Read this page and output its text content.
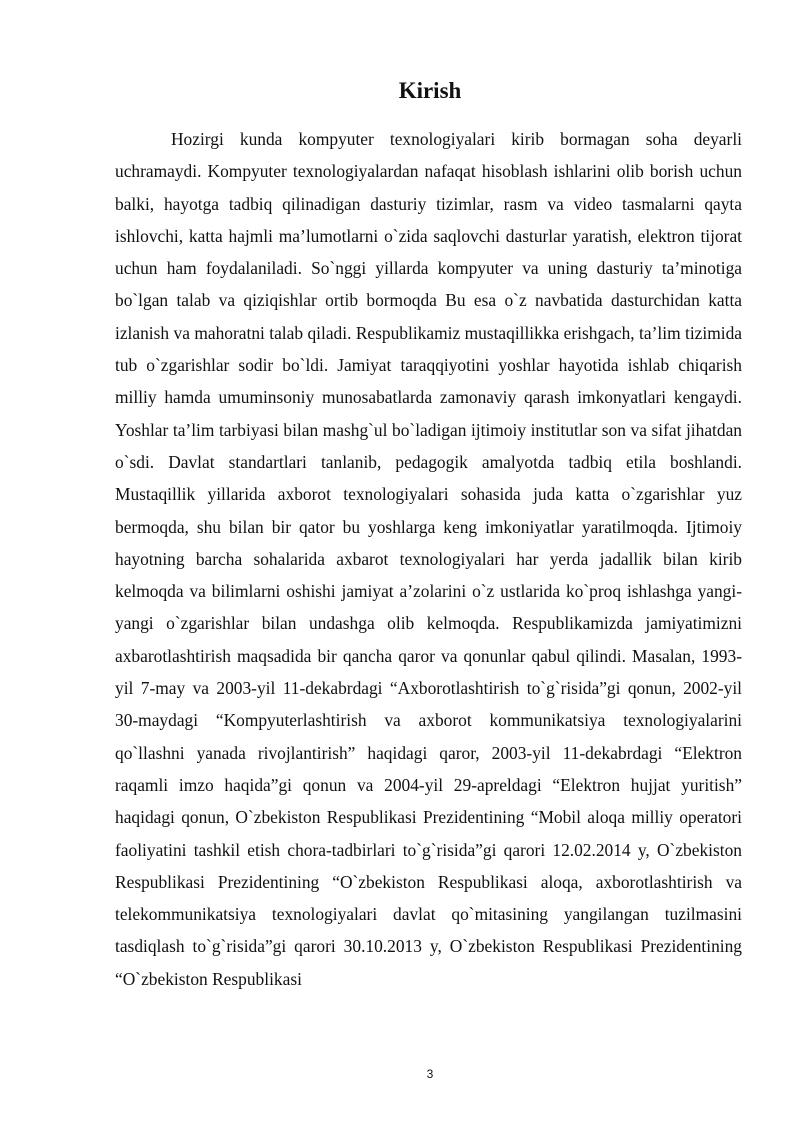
Kirish

Hozirgi kunda kompyuter texnologiyalari kirib bormagan soha deyarli uchramaydi. Kompyuter texnologiyalardan nafaqat hisoblash ishlarini olib borish uchun balki, hayotga tadbiq qilinadigan dasturiy tizimlar, rasm va video tasmalarni qayta ishlovchi, katta hajmli ma’lumotlarni o`zida saqlovchi dasturlar yaratish, elektron tijorat uchun ham foydalaniladi. So`nggi yillarda kompyuter va uning dasturiy ta’minotiga bo`lgan talab va qiziqishlar ortib bormoqda Bu esa o`z navbatida dasturchidan katta izlanish va mahoratni talab qiladi. Respublikamiz mustaqillikka erishgach, ta’lim tizimida tub o`zgarishlar sodir bo`ldi. Jamiyat taraqqiyotini yoshlar hayotida ishlab chiqarish milliy hamda umuminsoniy munosabatlarda zamonaviy qarash imkonyatlari kengaydi. Yoshlar ta’lim tarbiyasi bilan mashg`ul bo`ladigan ijtimoiy institutlar son va sifat jihatdan o`sdi. Davlat standartlari tanlanib, pedagogik amalyotda tadbiq etila boshlandi. Mustaqillik yillarida axborot texnologiyalari sohasida juda katta o`zgarishlar yuz bermoqda, shu bilan bir qator bu yoshlarga keng imkoniyatlar yaratilmoqda. Ijtimoiy hayotning barcha sohalarida axbarot texnologiyalari har yerda jadallik bilan kirib kelmoqda va bilimlarni oshishi jamiyat a’zolarini o`z ustlarida ko`proq ishlashga yangi-yangi o`zgarishlar bilan undashga olib kelmoqda. Respublikamizda jamiyatimizni axbarotlashtirish maqsadida bir qancha qaror va qonunlar qabul qilindi. Masalan, 1993-yil 7-may va 2003-yil 11-dekabrdagi “Axborotlashtirish to`g`risida”gi qonun, 2002-yil 30-maydagi “Kompyuterlashtirish va axborot kommunikatsiya texnologiyalarini qo`llashni yanada rivojlantirish” haqidagi qaror, 2003-yil 11-dekabrdagi “Elektron raqamli imzo haqida”gi qonun va 2004-yil 29-apreldagi “Elektron hujjat yuritish” haqidagi qonun, O`zbekiston Respublikasi Prezidentining “Mobil aloqa milliy operatori faoliyatini tashkil etish chora-tadbirlari to`g`risida”gi qarori 12.02.2014 y, O`zbekiston Respublikasi Prezidentining “O`zbekiston Respublikasi aloqa, axborotlashtirish va telekommunikatsiya texnologiyalari davlat qo`mitasining yangilangan tuzilmasini tasdiqlash to`g`risida”gi qarori 30.10.2013 y, O`zbekiston Respublikasi Prezidentining “O`zbekiston Respublikasi

3
